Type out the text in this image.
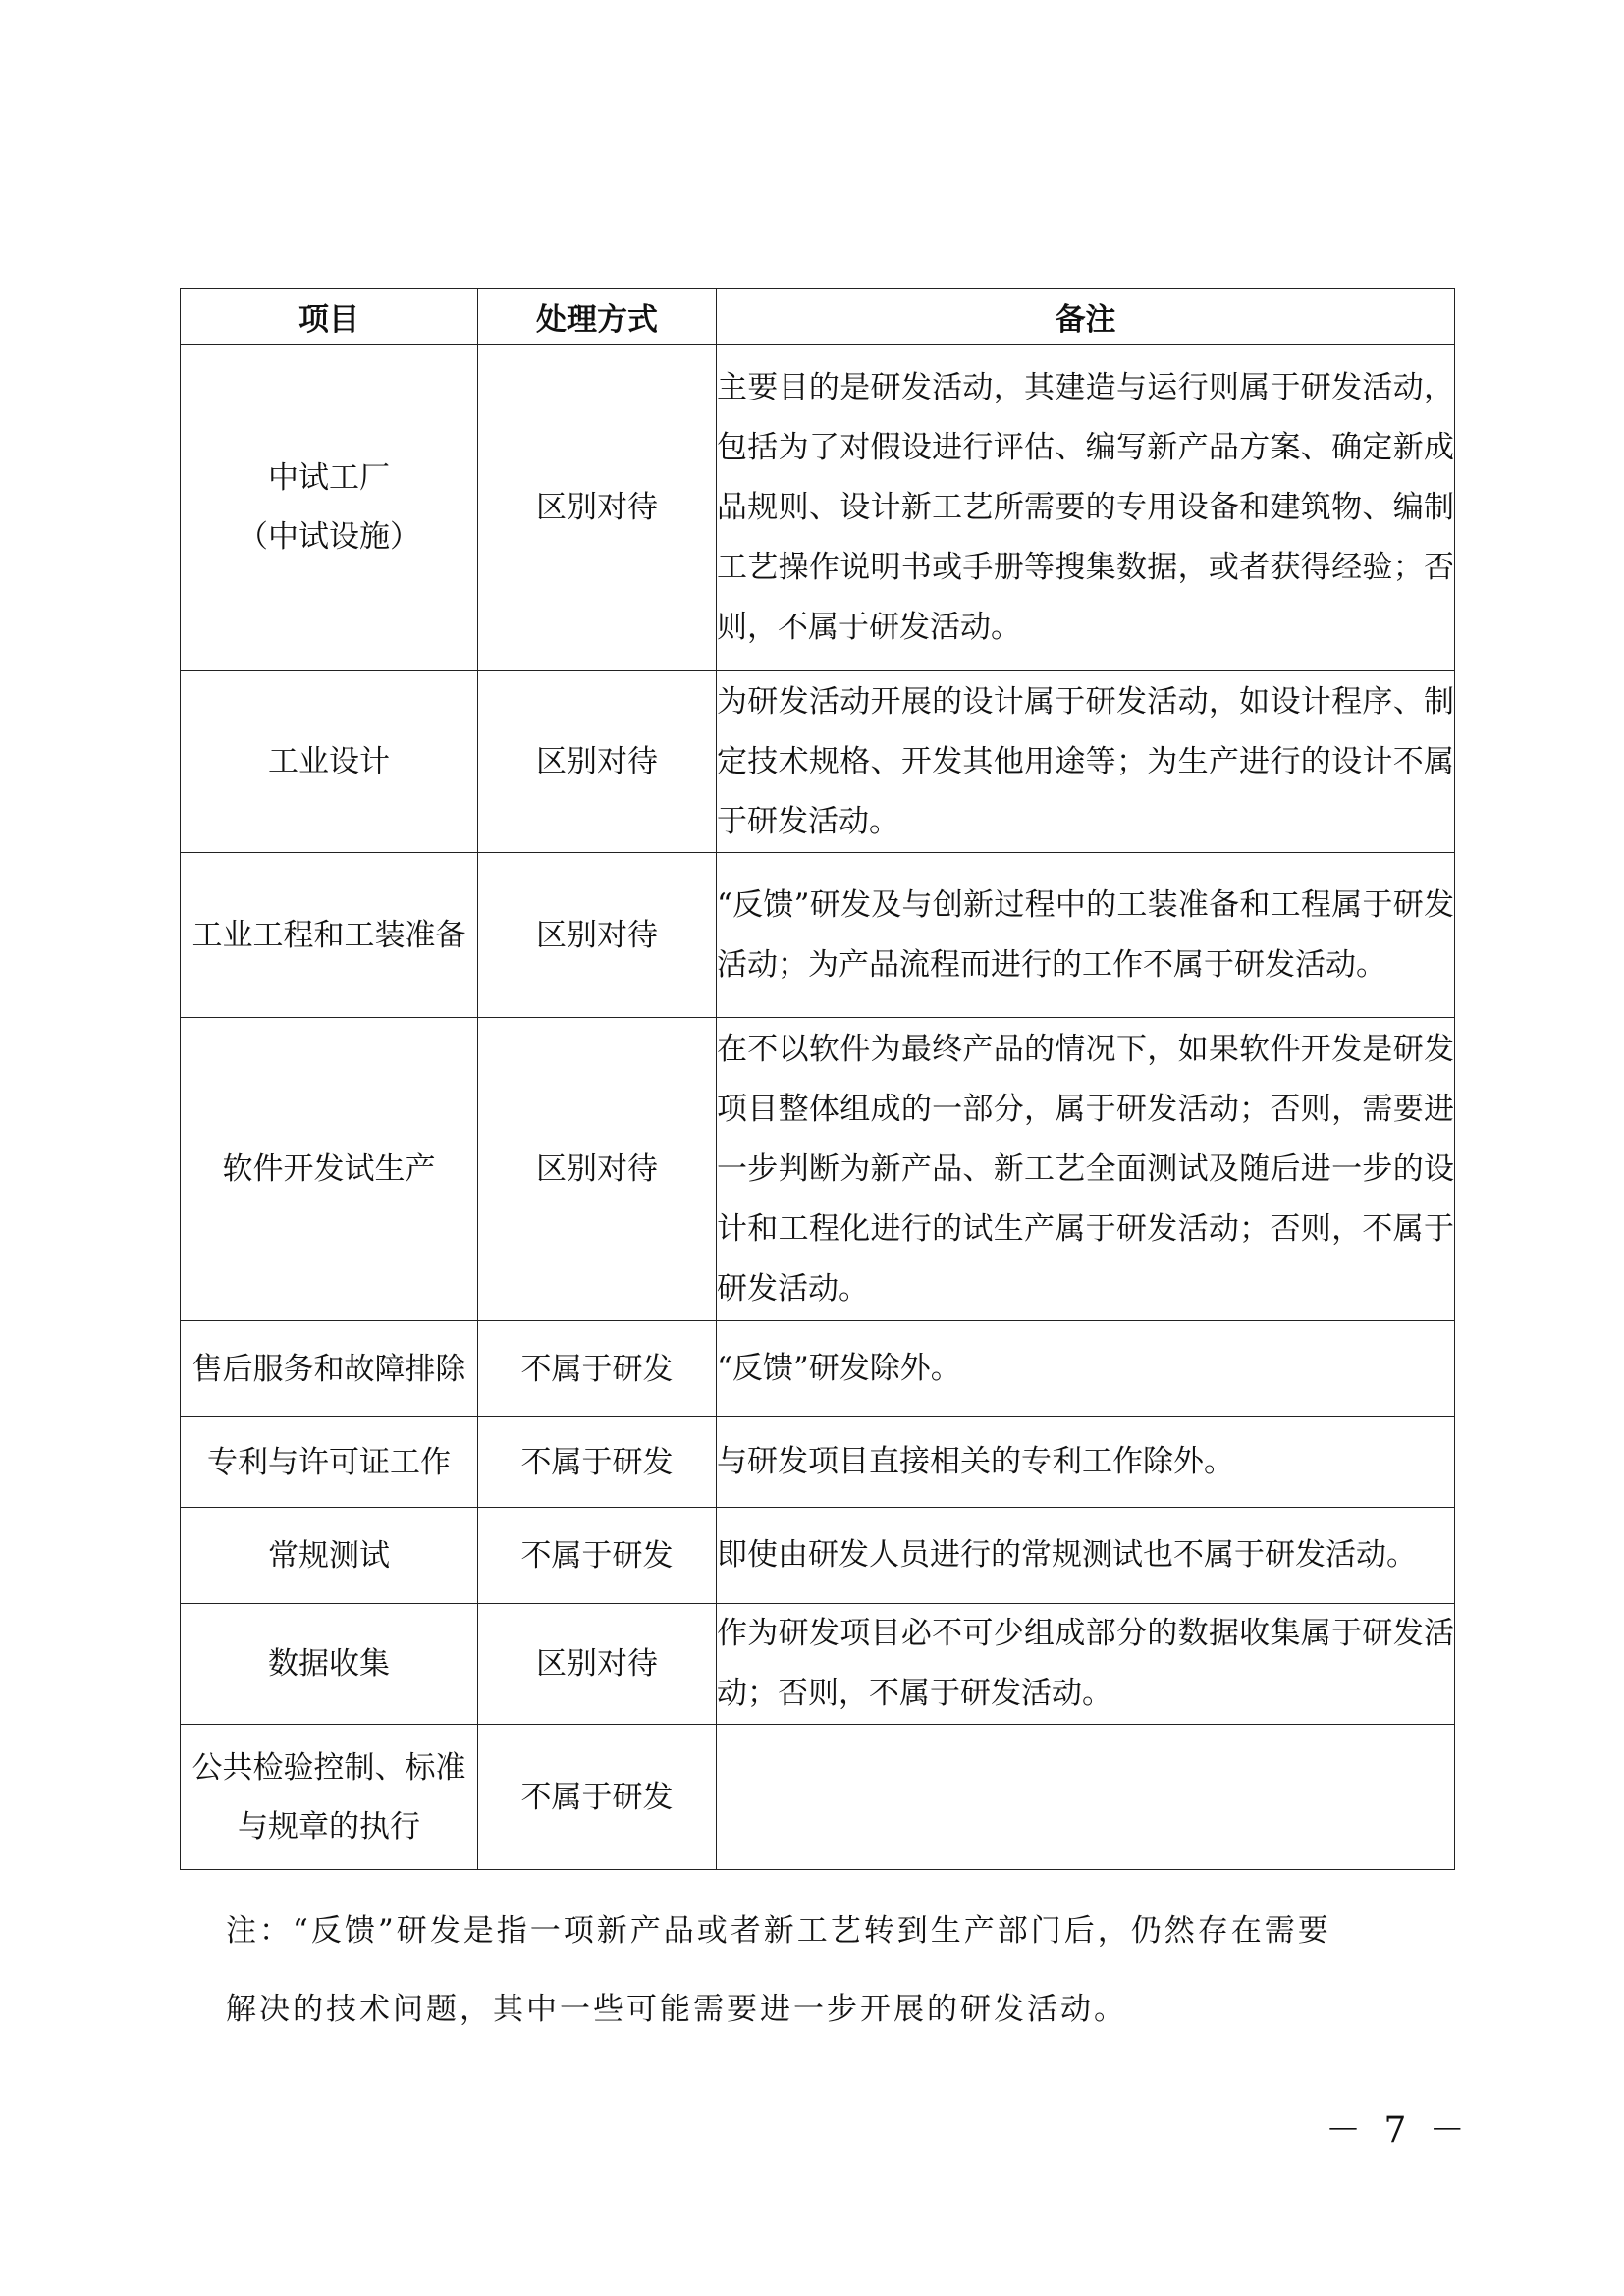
项目	处理方式	备注

中试工厂
（中试设施）	区别对待	主要目的是研发活动，其建造与运行则属于研发活动，包括为了对假设进行评估、编写新产品方案、确定新成品规则、设计新工艺所需要的专用设备和建筑物、编制工艺操作说明书或手册等搜集数据，或者获得经验；否则，不属于研发活动。
工业设计	区别对待	为研发活动开展的设计属于研发活动，如设计程序、制定技术规格、开发其他用途等；为生产进行的设计不属于研发活动。
工业工程和工装准备	区别对待	“反馈”研发及与创新过程中的工装准备和工程属于研发活动；为产品流程而进行的工作不属于研发活动。
软件开发试生产	区别对待	在不以软件为最终产品的情况下，如果软件开发是研发项目整体组成的一部分，属于研发活动；否则，需要进一步判断为新产品、新工艺全面测试及随后进一步的设计和工程化进行的试生产属于研发活动；否则，不属于研发活动。
售后服务和故障排除	不属于研发	“反馈”研发除外。
专利与许可证工作	不属于研发	与研发项目直接相关的专利工作除外。
常规测试	不属于研发	即使由研发人员进行的常规测试也不属于研发活动。
数据收集	区别对待	作为研发项目必不可少组成部分的数据收集属于研发活动；否则，不属于研发活动。
公共检验控制、标准与规章的执行	不属于研发	
注：“反馈”研发是指一项新产品或者新工艺转到生产部门后，仍然存在需要
解决的技术问题，其中一些可能需要进一步开展的研发活动。
－ 7 －
